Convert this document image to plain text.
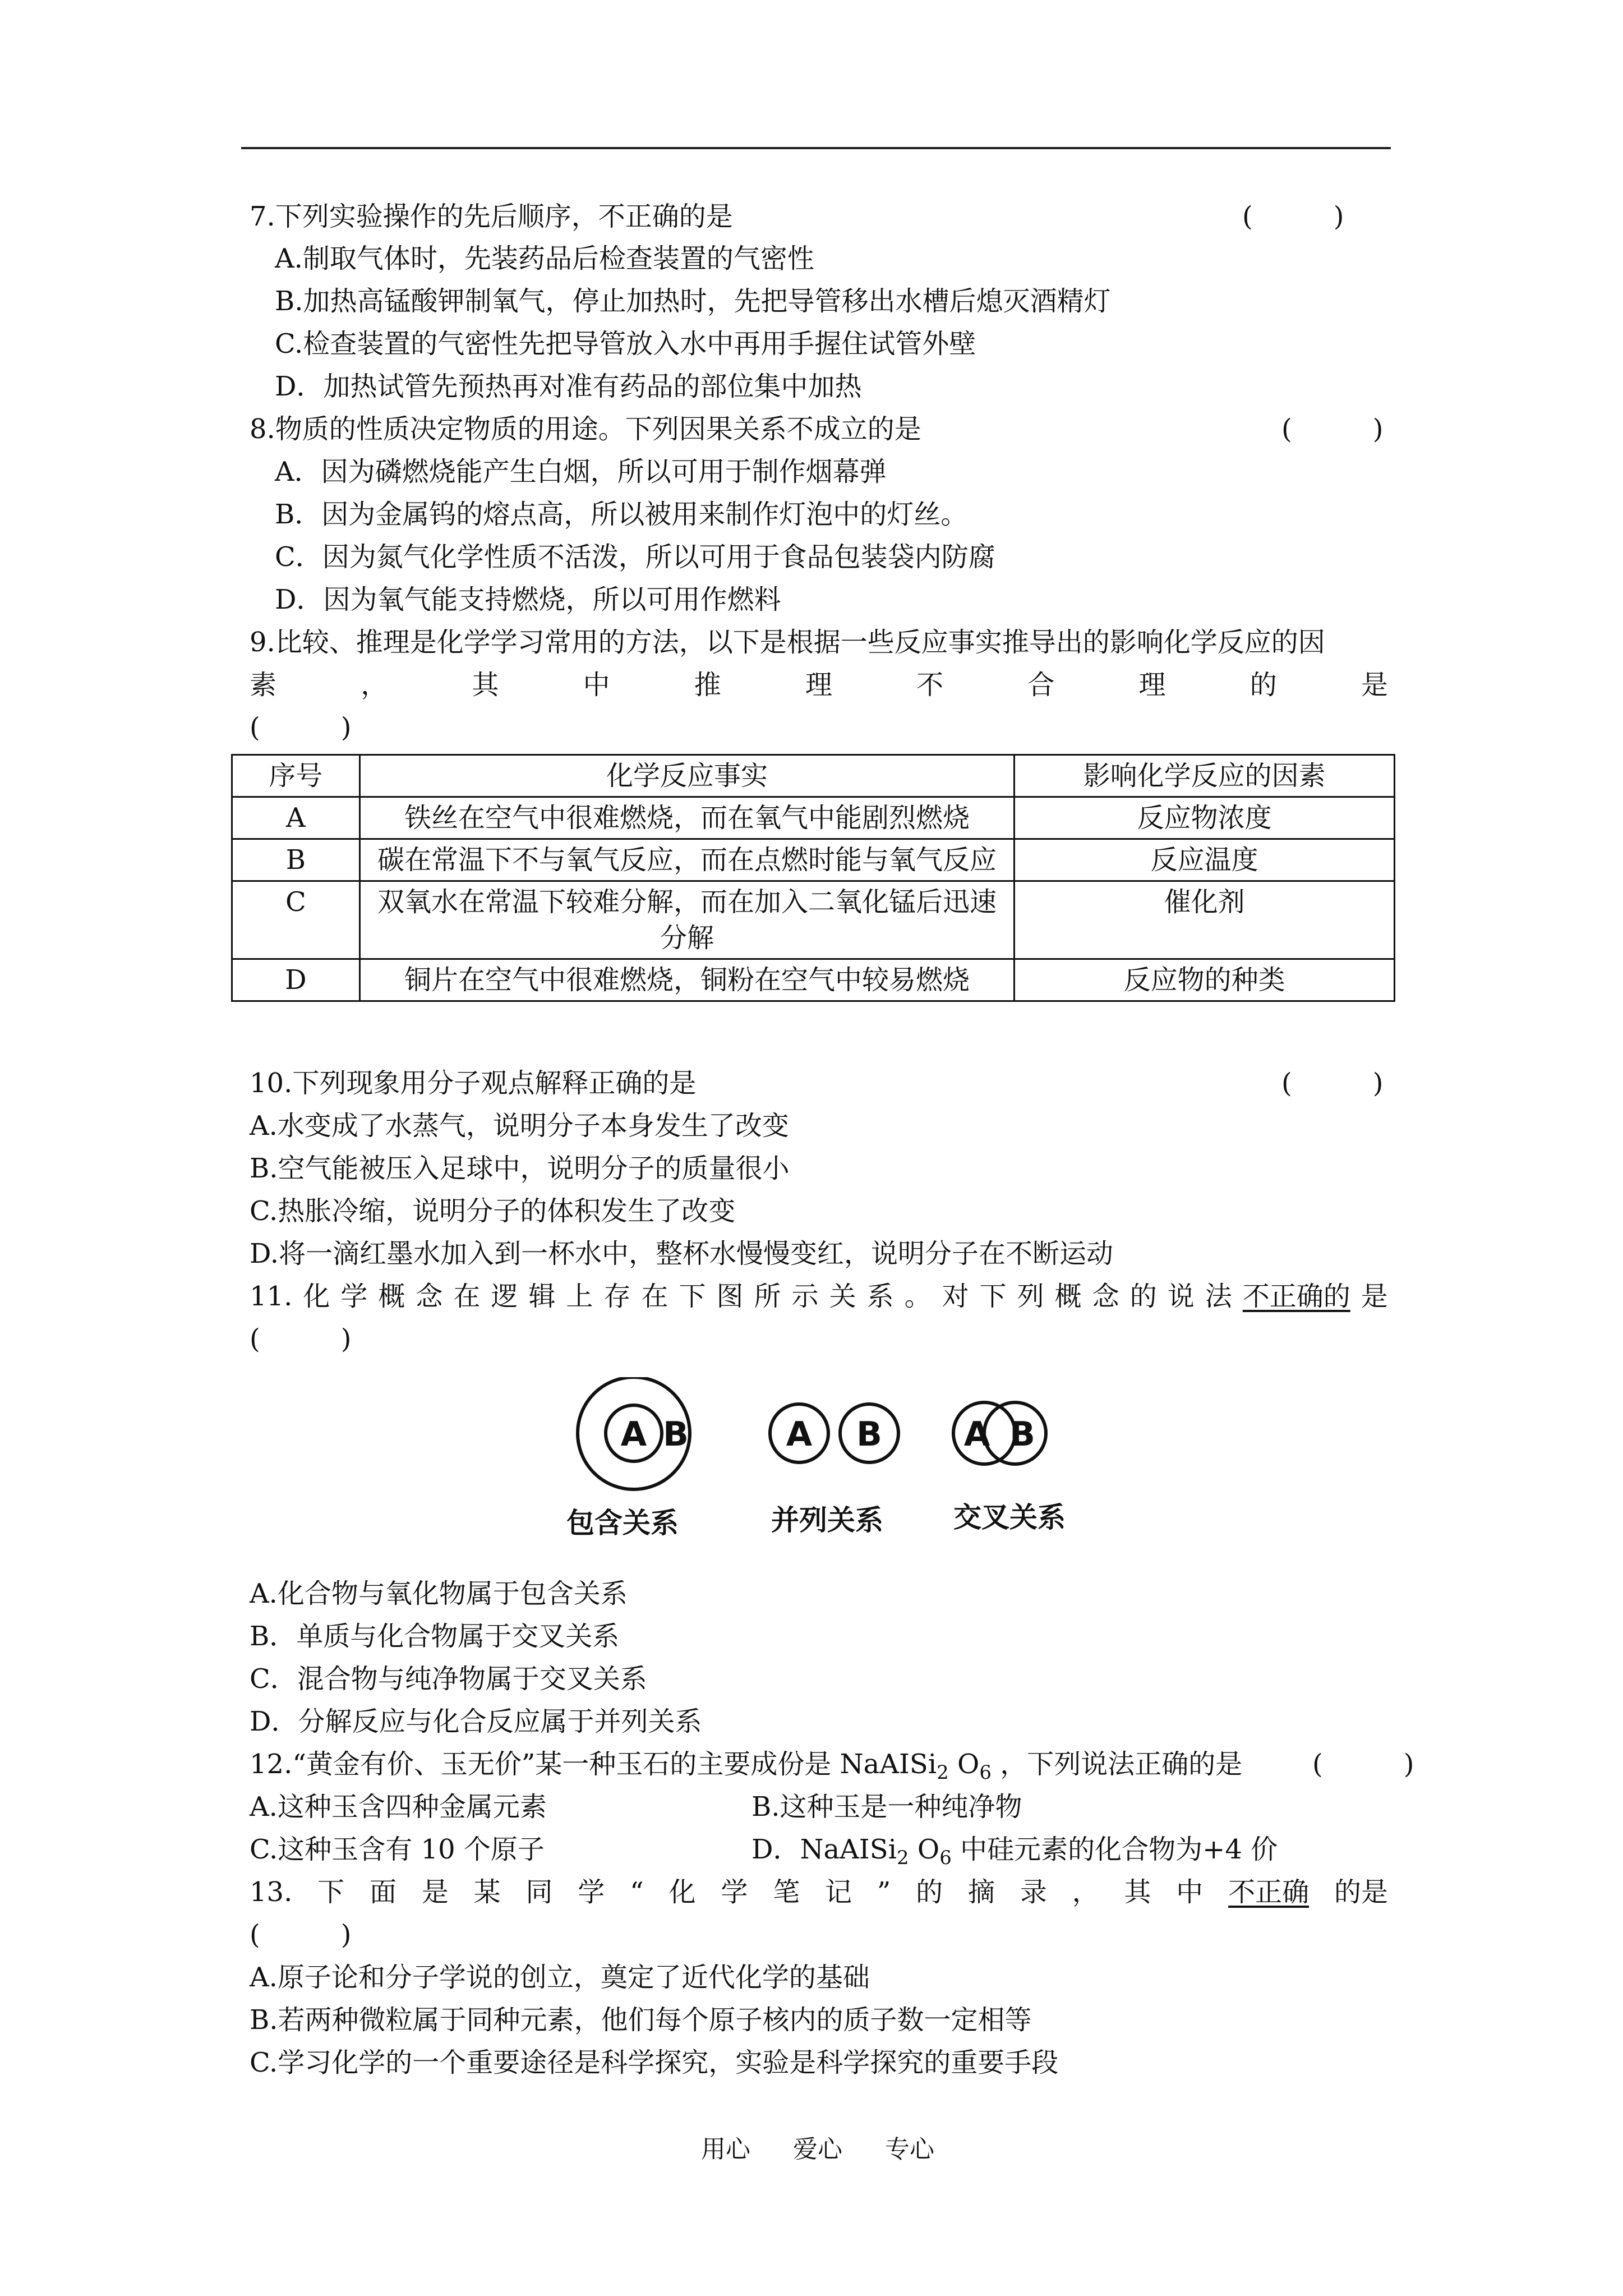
7.下列实验操作的先后顺序，不正确的是	(　　　)
A.制取气体时，先装药品后检查装置的气密性
B.加热高锰酸钾制氧气，停止加热时，先把导管移出水槽后熄灭酒精灯
C.检查装置的气密性先把导管放入水中再用手握住试管外壁
D．加热试管先预热再对准有药品的部位集中加热
8.物质的性质决定物质的用途。下列因果关系不成立的是	(　　　)
A．因为磷燃烧能产生白烟，所以可用于制作烟幕弹
B．因为金属钨的熔点高，所以被用来制作灯泡中的灯丝。
C．因为氮气化学性质不活泼，所以可用于食品包装袋内防腐
D．因为氧气能支持燃烧，所以可用作燃料
9.比较、推理是化学学习常用的方法，以下是根据一些反应事实推导出的影响化学反应的因
素	，	其	中	推	理	不	合	理	的	是
(　　　)
序号	化学反应事实	影响化学反应的因素
A	铁丝在空气中很难燃烧，而在氧气中能剧烈燃烧	反应物浓度
B	碳在常温下不与氧气反应，而在点燃时能与氧气反应	反应温度
C	双氧水在常温下较难分解，而在加入二氧化锰后迅速分解	催化剂
D	铜片在空气中很难燃烧，铜粉在空气中较易燃烧	反应物的种类
10.下列现象用分子观点解释正确的是	(　　　)
A.水变成了水蒸气，说明分子本身发生了改变
B.空气能被压入足球中，说明分子的质量很小
C.热胀冷缩，说明分子的体积发生了改变
D.将一滴红墨水加入到一杯水中，整杯水慢慢变红，说明分子在不断运动
11. 化 学 概 念 在 逻 辑 上 存 在 下 图 所 示 关 系 。 对 下 列 概 念 的 说 法 不正确的 是
(　　　)
A B	A B A B
包含关系	并列关系	交叉关系
A.化合物与氧化物属于包含关系
B．单质与化合物属于交叉关系
C．混合物与纯净物属于交叉关系
D．分解反应与化合反应属于并列关系
12.“黄金有价、玉无价”某一种玉石的主要成份是 NaAISi$_2$ $O_6$ ，下列说法正确的是	(　　　)
A.这种玉含四种金属元素	B.这种玉是一种纯净物
C.这种玉含有 10 个原子	D．NaAISi$_2$ $O_6$ 中硅元素的化合物为+4 价
13. 下 面 是 某 同 学 “ 化 学 笔 记 ” 的 摘 录 ， 其 中 不正确 的是
(　　　)
A.原子论和分子学说的创立，奠定了近代化学的基础
B.若两种微粒属于同种元素，他们每个原子核内的质子数一定相等
C.学习化学的一个重要途径是科学探究，实验是科学探究的重要手段
用心 爱心 专心
